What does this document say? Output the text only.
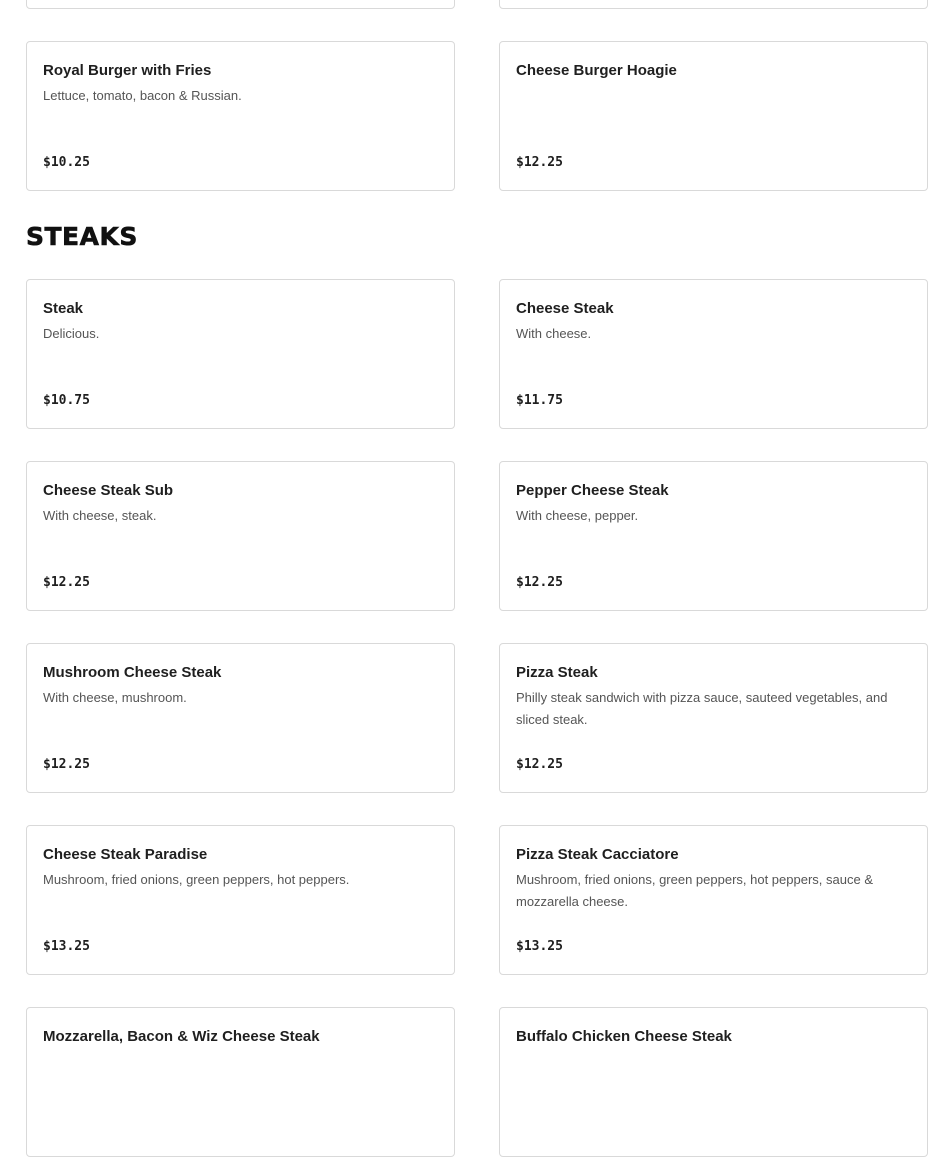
Royal Burger with Fries
Lettuce, tomato, bacon & Russian.
$10.25
Cheese Burger Hoagie
$12.25
STEAKS
Steak
Delicious.
$10.75
Cheese Steak
With cheese.
$11.75
Cheese Steak Sub
With cheese, steak.
$12.25
Pepper Cheese Steak
With cheese, pepper.
$12.25
Mushroom Cheese Steak
With cheese, mushroom.
$12.25
Pizza Steak
Philly steak sandwich with pizza sauce, sauteed vegetables, and sliced steak.
$12.25
Cheese Steak Paradise
Mushroom, fried onions, green peppers, hot peppers.
$13.25
Pizza Steak Cacciatore
Mushroom, fried onions, green peppers, hot peppers, sauce & mozzarella cheese.
$13.25
Mozzarella, Bacon & Wiz Cheese Steak	Buffalo Chicken Cheese Steak
